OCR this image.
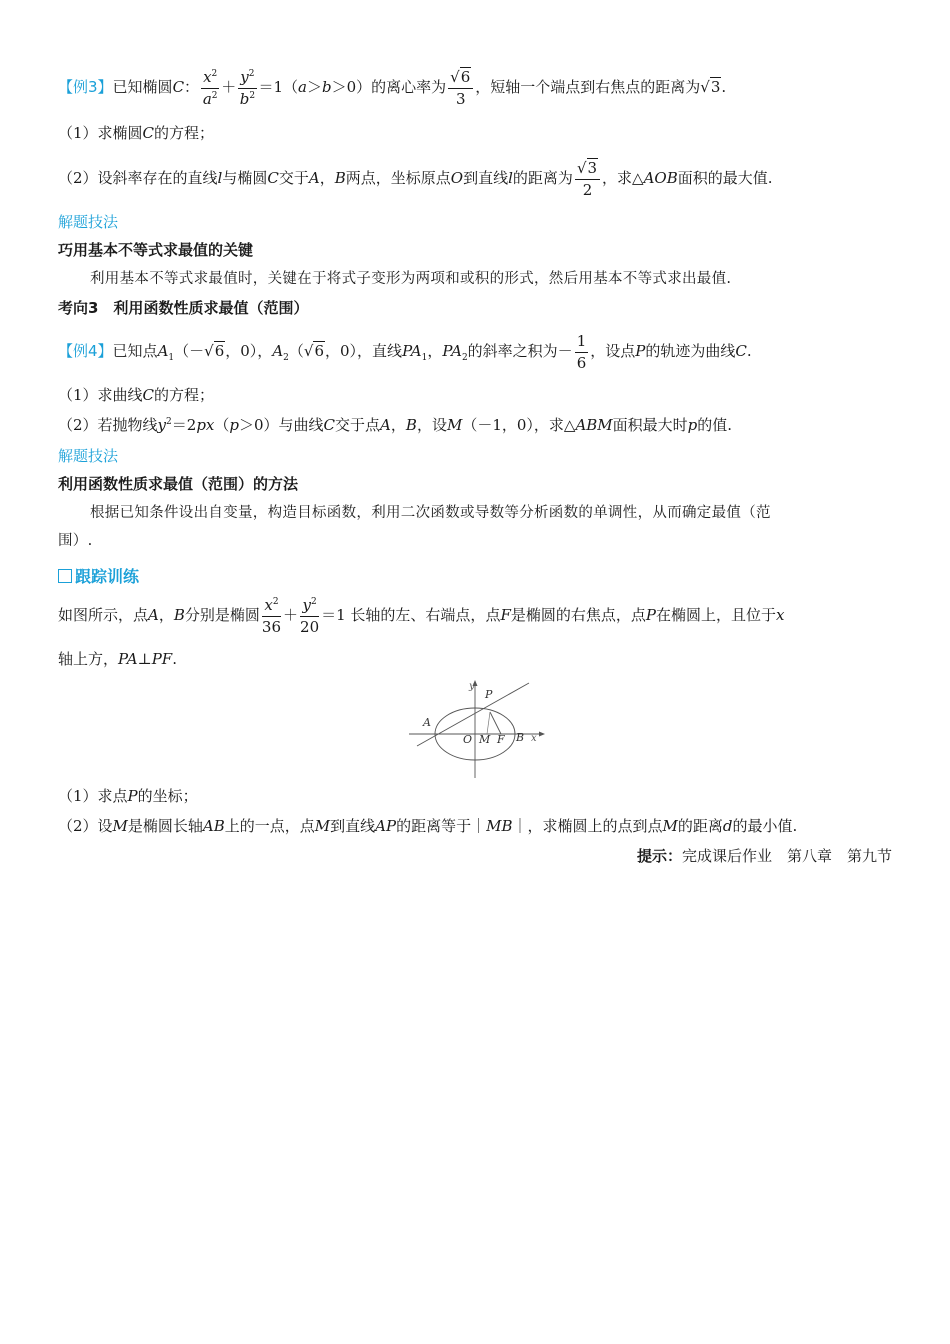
【例3】已知椭圆C： $\frac{x^2}{a^2} + \frac{y^2}{b^2} =1(a>b>0)$的离心率为 $\frac{√6}{3}$ ，短轴一个端点到右焦点的距离为√3.
（1）求椭圆C的方程；
（2）设斜率存在的直线l与椭圆C交于A，B两点，坐标原点O到直线l的距离为 $\frac{√3}{2}$ ，求△AOB面积的最大值.
解题技法
巧用基本不等式求最值的关键
利用基本不等式求最值时，关键在于将式子变形为两项和或积的形式，然后用基本不等式求出最值.
考向3　利用函数性质求最值（范围）
【例4】已知点$A_1(-√6$，0），$A_2(√6$，0），直线$PA_1$，$PA_2$的斜率之积为－ $\frac{1}{6}$ ，设点P的轨迹为曲线C.
（1）求曲线C的方程；
（2）若抛物线$y^2=2px(p>0)$与曲线C交于点A，B，设M（－1，0），求△ABM面积最大时p的值.
解题技法
利用函数性质求最值（范围）的方法
根据已知条件设出自变量，构造目标函数，利用二次函数或导数等分析函数的单调性，从而确定最值（范
围）.
跟踪训练
如图所示，点A，B分别是椭圆 $\frac{x^2}{36} + \frac{y^2}{20} =1$ 长轴的左、右端点，点F是椭圆的右焦点，点P在椭圆上，且位于x
轴上方，PA⊥PF.
y
P
A
O M F B x
（1）求点P的坐标；
（2）设M是椭圆长轴AB上的一点，点M到直线AP的距离等于｜MB｜，求椭圆上的点到点M的距离d的最小值.
提示：完成课后作业　第八章　第九节
